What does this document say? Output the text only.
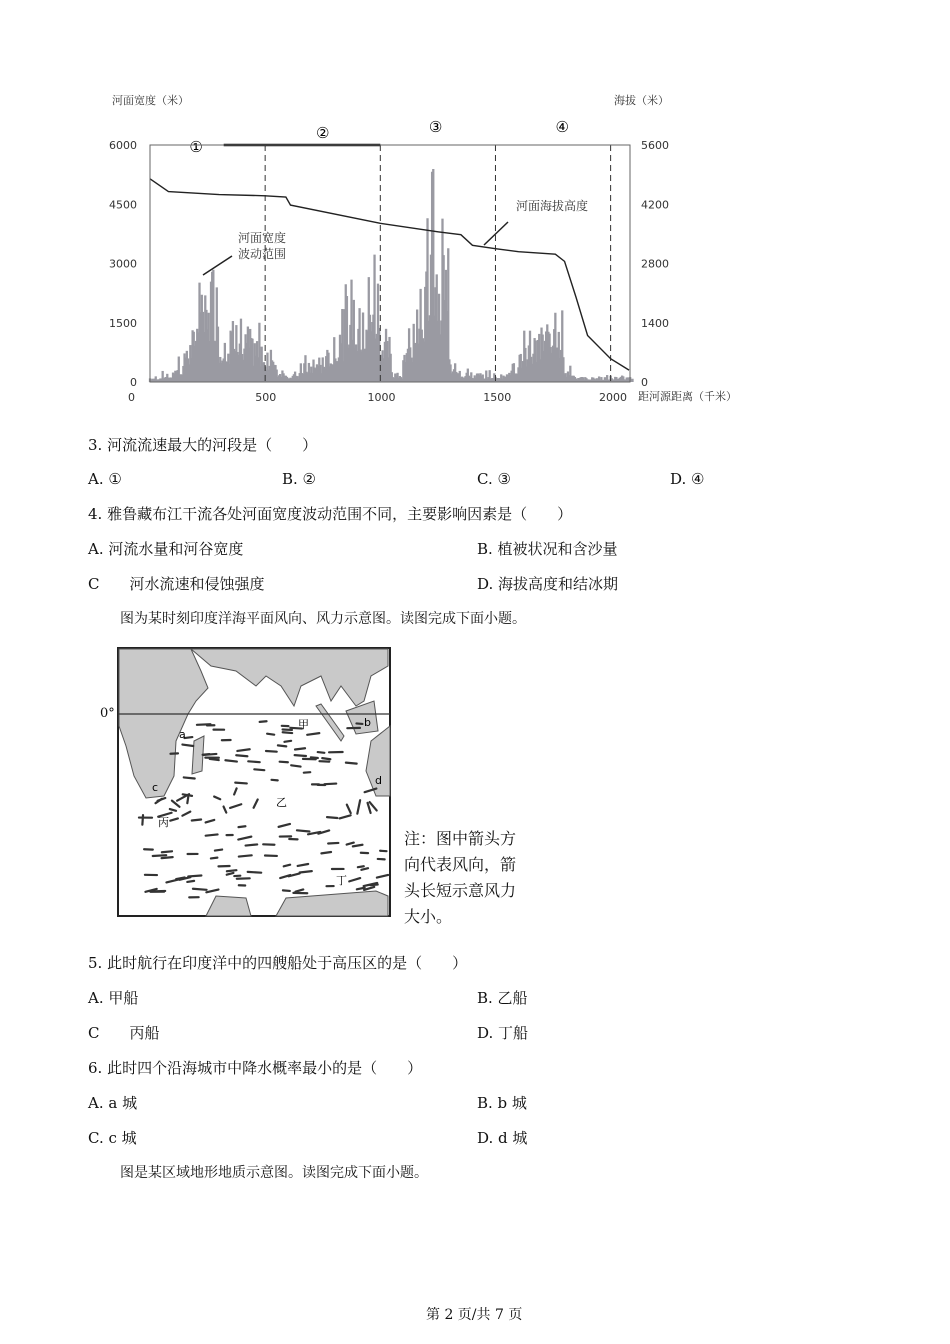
河面宽度（米）	海拔（米）
①
②	③	④
0	500	1000	1500	2000
0
1500
3000
4500
6000
0
1400
2800
4200
5600
距河源距离（千米）
河面宽度波动范围
河面海拔高度
3. 河流流速最大的河段是（　　）
A. ①	B. ②	C. ③	D. ④
4. 雅鲁藏布江干流各处河面宽度波动范围不同，主要影响因素是（　　）
A. 河流水量和河谷宽度	B. 植被状况和含沙量
C　　河水流速和侵蚀强度	D. 海拔高度和结冰期
图为某时刻印度洋海平面风向、风力示意图。读图完成下面小题。
a
b
c
d
甲
乙
丙
丁
0°
注：图中箭头方
向代表风向，箭
头长短示意风力
大小。
5. 此时航行在印度洋中的四艘船处于高压区的是（　　）
A. 甲船	B. 乙船
C　　丙船	D. 丁船
6. 此时四个沿海城市中降水概率最小的是（　　）
A. a 城	B. b 城
C. c 城	D. d 城
图是某区域地形地质示意图。读图完成下面小题。
第 2 页/共 7 页
